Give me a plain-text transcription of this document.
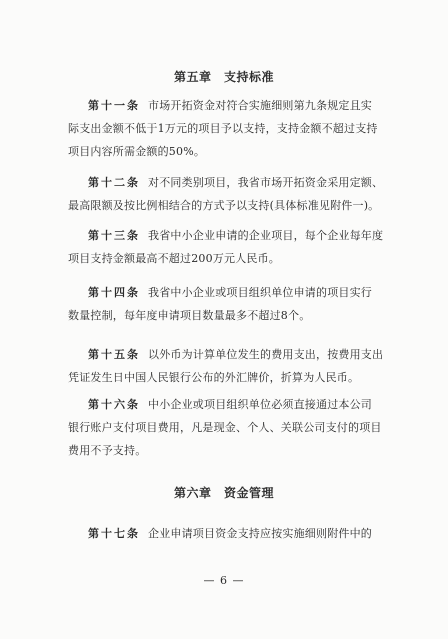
第五章　支持标准
第十一条 市场开拓资金对符合实施细则第九条规定且实
际支出金额不低于1万元的项目予以支持，支持金额不超过支持
项目内容所需金额的50%。
第十二条 对不同类别项目，我省市场开拓资金采用定额、
最高限额及按比例相结合的方式予以支持(具体标准见附件一)。
第十三条 我省中小企业申请的企业项目，每个企业每年度
项目支持金额最高不超过200万元人民币。
第十四条 我省中小企业或项目组织单位申请的项目实行
数量控制，每年度申请项目数量最多不超过8个。
第十五条 以外币为计算单位发生的费用支出，按费用支出
凭证发生日中国人民银行公布的外汇牌价，折算为人民币。
第十六条 中小企业或项目组织单位必须直接通过本公司
银行账户支付项目费用，凡是现金、个人、关联公司支付的项目
费用不予支持。
第六章　资金管理
第十七条 企业申请项目资金支持应按实施细则附件中的
— 6 —
